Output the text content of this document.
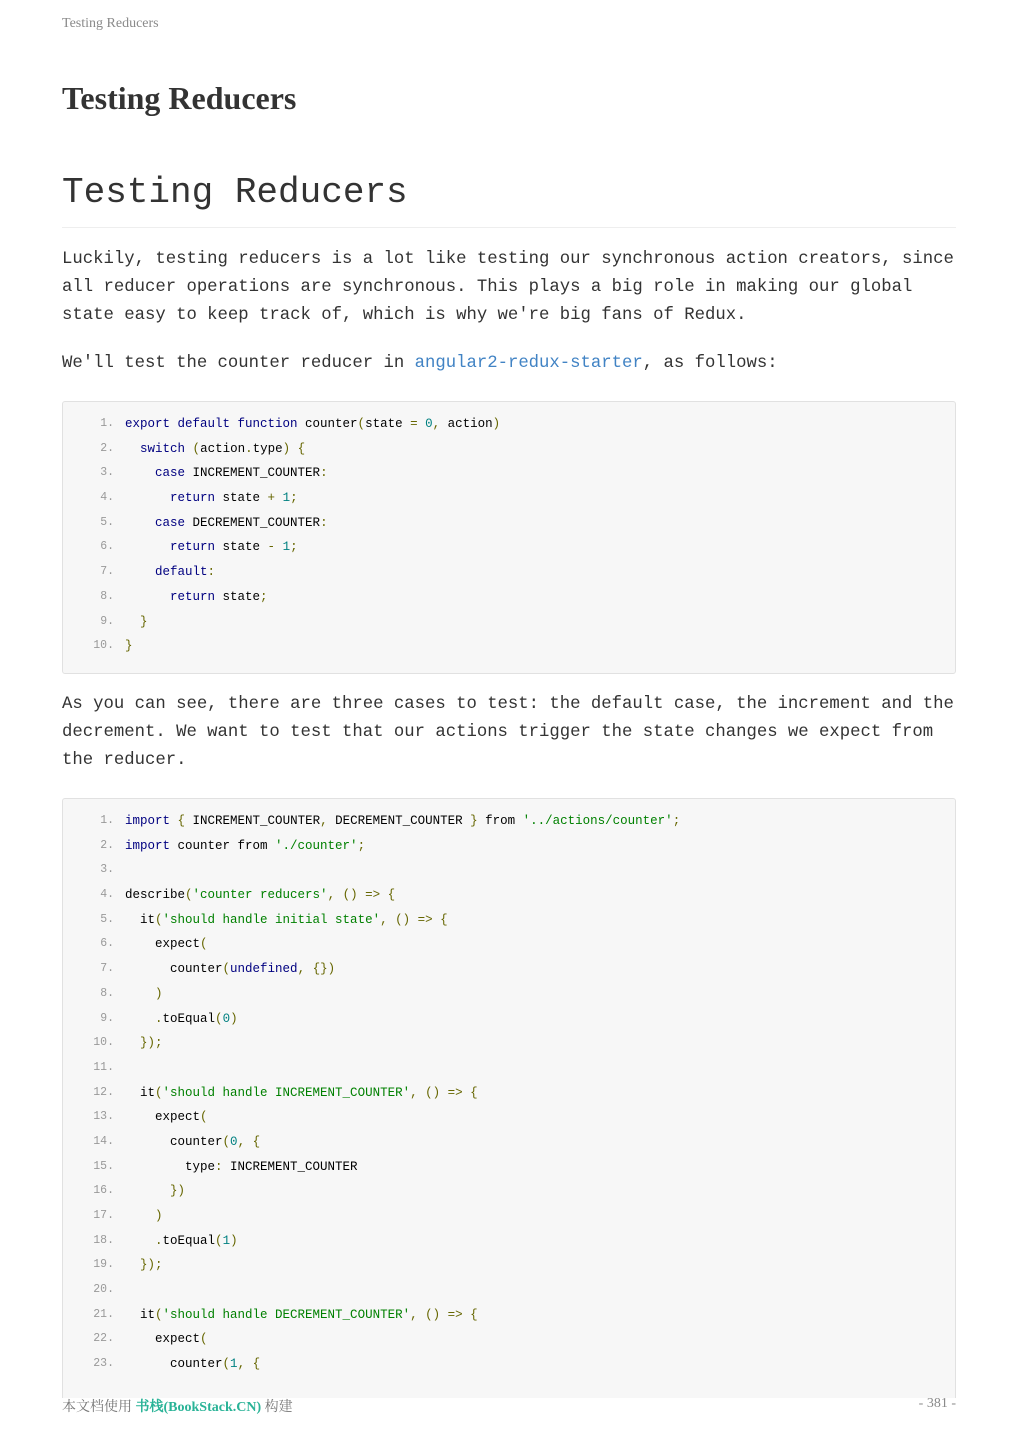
Testing Reducers
Testing Reducers
Testing Reducers

Luckily, testing reducers is a lot like testing our synchronous action creators, since all reducer operations are synchronous. This plays a big role in making our global state easy to keep track of, which is why we're big fans of Redux.

We'll test the counter reducer in angular2-redux-starter, as follows:

1. export default function counter(state = 0, action)
2.	switch (action.type) {
3.	case INCREMENT_COUNTER:
4.	return state + 1;
5.	case DECREMENT_COUNTER:
6.	return state - 1;
7.	default:
8.	return state;
9.	}
10. }

As you can see, there are three cases to test: the default case, the increment and the decrement. We want to test that our actions trigger the state changes we expect from the reducer.

1. import { INCREMENT_COUNTER, DECREMENT_COUNTER } from '../actions/counter';
2. import counter from './counter';
3.
4. describe('counter reducers', () => {
5. it('should handle initial state', () => {
6. expect(
7. counter(undefined, {})
8.	)
9.	.toEqual(0)
10.	});
11.
12. it('should handle INCREMENT_COUNTER', () => {
13. expect(
14. counter(0, {
15. type: INCREMENT_COUNTER
16.	})
17.	)
18.	.toEqual(1)
19.	});
20.
21. it('should handle DECREMENT_COUNTER', () => {
22. expect(
23. counter(1, {
本文档使用 书栈(BookStack.CN) 构建	- 381 -
